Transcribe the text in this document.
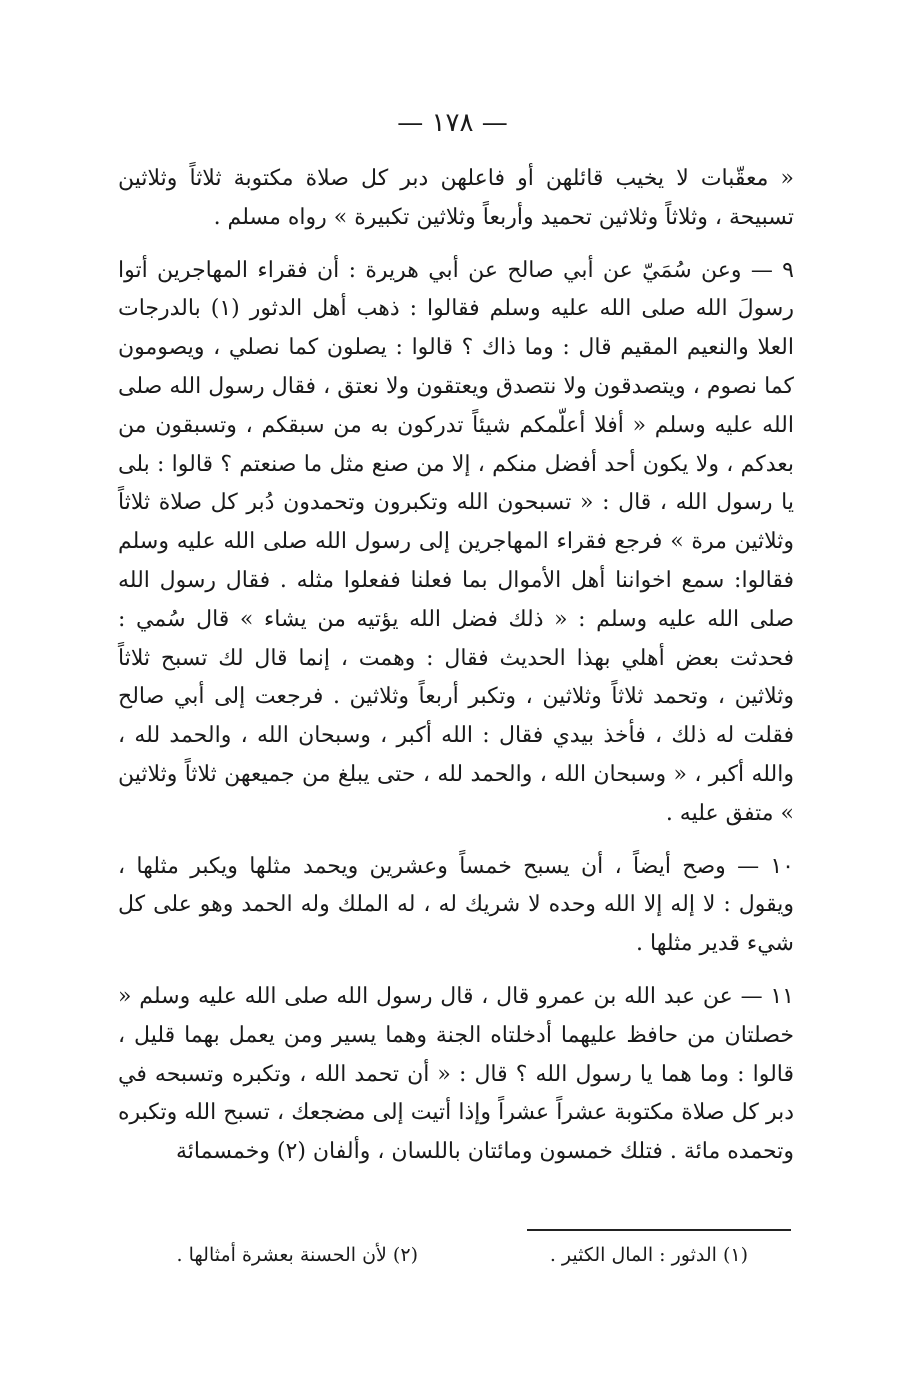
— ١٧٨ —

« معقّبات لا يخيب قائلهن أو فاعلهن دبر كل صلاة مكتوبة ثلاثاً وثلاثين تسبيحة ، وثلاثاً وثلاثين تحميد وأربعاً وثلاثين تكبيرة » رواه مسلم .

٩ — وعن سُمَيّ عن أبي صالح عن أبي هريرة : أن فقراء المهاجرين أتوا رسولَ الله صلى الله عليه وسلم فقالوا : ذهب أهل الدثور (١) بالدرجات العلا والنعيم المقيم قال : وما ذاك ؟ قالوا : يصلون كما نصلي ، ويصومون كما نصوم ، ويتصدقون ولا نتصدق ويعتقون ولا نعتق ، فقال رسول الله صلى الله عليه وسلم « أفلا أعلّمكم شيئاً تدركون به من سبقكم ، وتسبقون من بعدكم ، ولا يكون أحد أفضل منكم ، إلا من صنع مثل ما صنعتم ؟ قالوا : بلى يا رسول الله ، قال : « تسبحون الله وتكبرون وتحمدون دُبر كل صلاة ثلاثاً وثلاثين مرة » فرجع فقراء المهاجرين إلى رسول الله صلى الله عليه وسلم فقالوا: سمع اخواننا أهل الأموال بما فعلنا ففعلوا مثله . فقال رسول الله صلى الله عليه وسلم : « ذلك فضل الله يؤتيه من يشاء » قال سُمي : فحدثت بعض أهلي بهذا الحديث فقال : وهمت ، إنما قال لك تسبح ثلاثاً وثلاثين ، وتحمد ثلاثاً وثلاثين ، وتكبر أربعاً وثلاثين . فرجعت إلى أبي صالح فقلت له ذلك ، فأخذ بيدي فقال : الله أكبر ، وسبحان الله ، والحمد لله ، والله أكبر ، « وسبحان الله ، والحمد لله ، حتى يبلغ من جميعهن ثلاثاً وثلاثين » متفق عليه .

١٠ — وصح أيضاً ، أن يسبح خمساً وعشرين ويحمد مثلها ويكبر مثلها ، ويقول : لا إله إلا الله وحده لا شريك له ، له الملك وله الحمد وهو على كل شيء قدير مثلها .

١١ — عن عبد الله بن عمرو قال ، قال رسول الله صلى الله عليه وسلم « خصلتان من حافظ عليهما أدخلتاه الجنة وهما يسير ومن يعمل بهما قليل ، قالوا : وما هما يا رسول الله ؟ قال : « أن تحمد الله ، وتكبره وتسبحه في دبر كل صلاة مكتوبة عشراً عشراً وإذا أتيت إلى مضجعك ، تسبح الله وتكبره وتحمده مائة . فتلك خمسون ومائتان باللسان ، وألفان (٢) وخمسمائة

(١) الدثور : المال الكثير .
(٢) لأن الحسنة بعشرة أمثالها .
